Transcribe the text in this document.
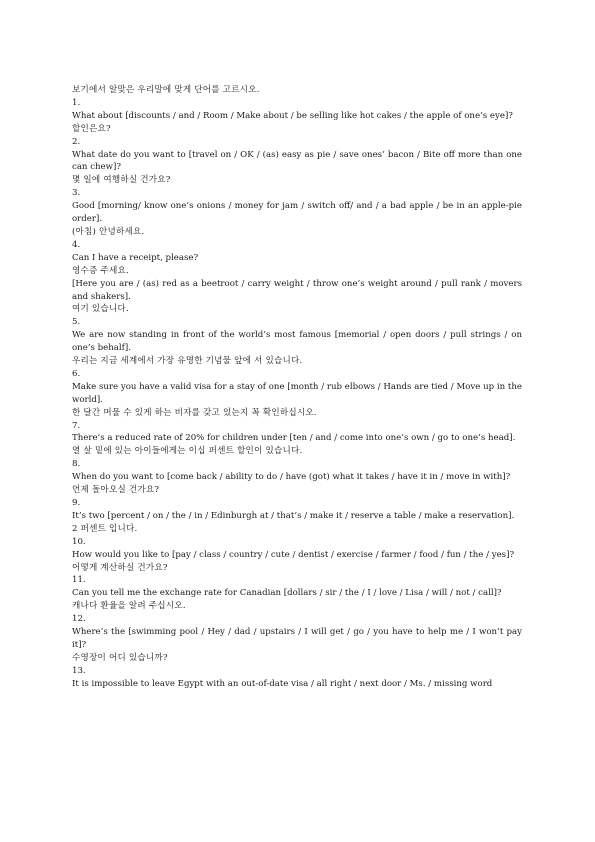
보기에서 알맞은 우리말에 맞게 단어를 고르시오.

1.

What about [discounts / and / Room / Make about / be selling like hot cakes / the apple of one’s eye]?

할인은요?

2.

What date do you want to [travel on / OK / (as) easy as pie / save ones’ bacon / Bite off more than one can chew]?

몇 일에 여행하실 건가요?

3.

Good [morning/ know one’s onions / money for jam / switch off/ and / a bad apple / be in an apple-pie order].

(아침) 안녕하세요.

4.

Can I have a receipt, please?

영수증 주세요.

[Here you are / (as) red as a beetroot / carry weight / throw one’s weight around / pull rank / movers and shakers].

여기 있습니다.

5.

We are now standing in front of the world’s most famous [memorial / open doors / pull strings / on one’s behalf].

우리는 지금 세계에서 가장 유명한 기념물 앞에 서 있습니다.

6.

Make sure you have a valid visa for a stay of one [month / rub elbows / Hands are tied / Move up in the world].

한 달간 머물 수 있게 하는 비자를 갖고 있는지 꼭 확인하십시오.

7.

There’s a reduced rate of 20% for children under [ten / and / come into one’s own / go to one’s head].

열 살 밑에 있는 아이들에게는 이십 퍼센트 할인이 있습니다.

8.

When do you want to [come back / ability to do / have (got) what it takes / have it in / move in with]?

언제 돌아오실 건가요?

9.

It’s two [percent / on / the / in / Edinburgh at / that’s / make it / reserve a table / make a reservation].

2 퍼센트 입니다.

10.

How would you like to [pay / class / country / cute / dentist / exercise / farmer / food / fun / the / yes]?

어떻게 계산하실 건가요?

11.

Can you tell me the exchange rate for Canadian [dollars / sir / the / I / love / Lisa / will / not / call]?

캐나다 환율을 알려 주십시오.

12.

Where’s the [swimming pool / Hey / dad / upstairs / I will get / go / you have to help me / I won’t pay it]?

수영장이 어디 있습니까?

13.

It is impossible to leave Egypt with an out-of-date visa / all right / next door / Ms. / missing word
